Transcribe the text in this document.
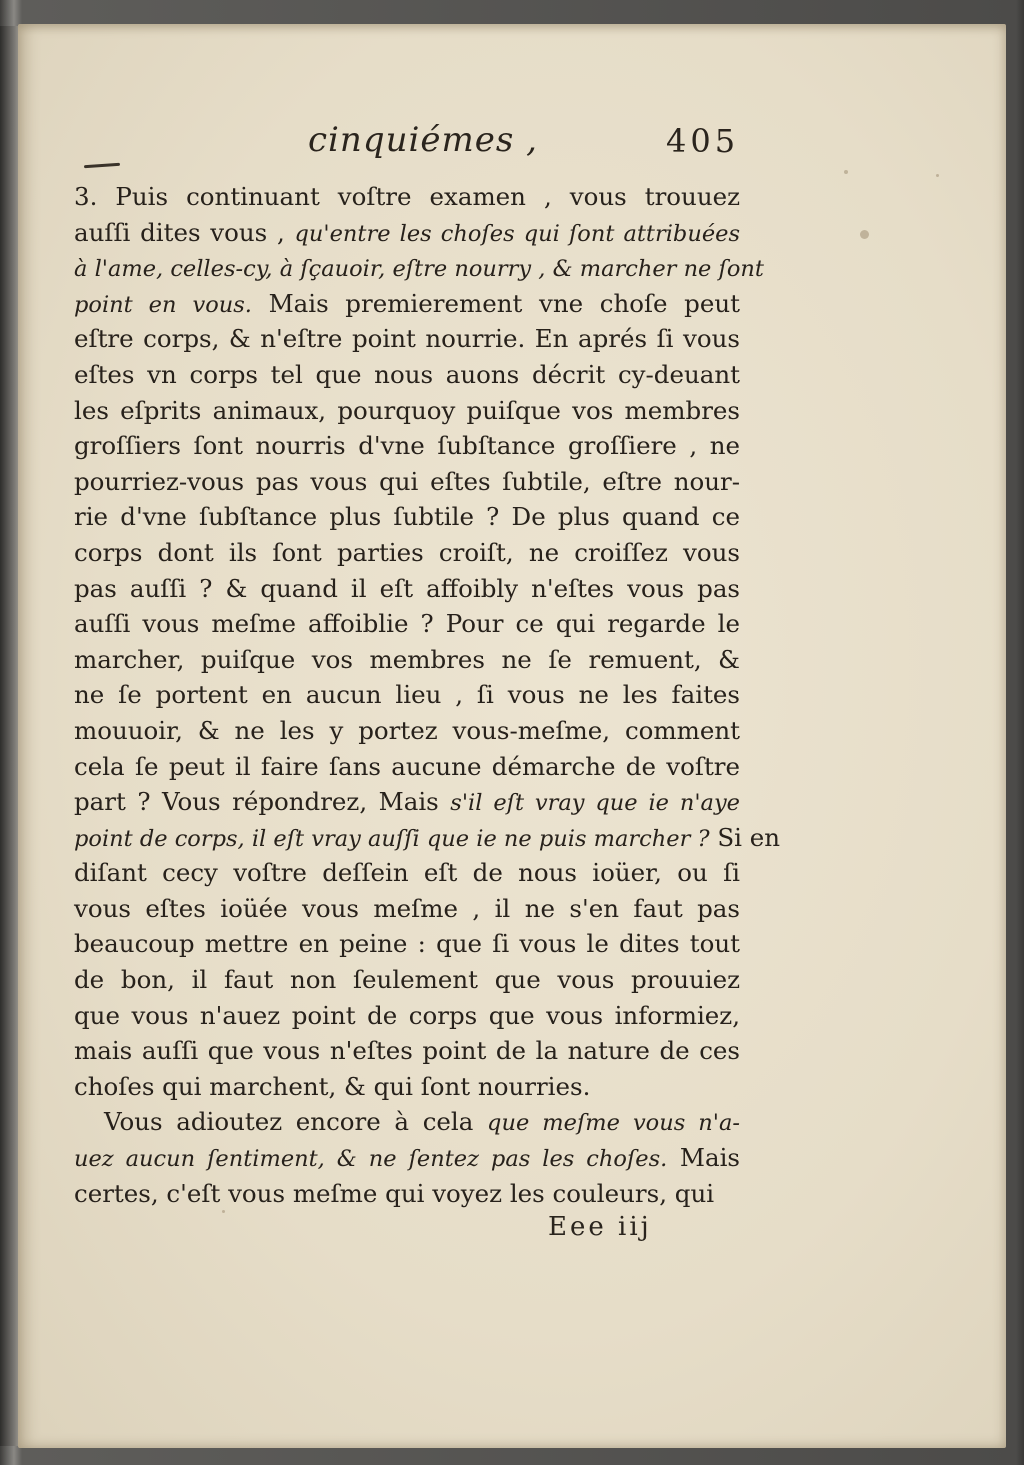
cinquiémes ,	405
3. Puis continuant voſtre examen , vous trouuez
auſſi dites vous , qu'entre les choſes qui ſont attribuées
à l'ame, celles-cy, à ſçauoir, eſtre nourry , & marcher ne ſont
point en vous. Mais premierement vne choſe peut
eſtre corps, & n'eſtre point nourrie. En aprés ſi vous
eſtes vn corps tel que nous auons décrit cy-deuant
les eſprits animaux, pourquoy puiſque vos membres
groſſiers ſont nourris d'vne ſubſtance groſſiere , ne
pourriez-vous pas vous qui eſtes ſubtile, eſtre nour-
rie d'vne ſubſtance plus ſubtile ? De plus quand ce
corps dont ils ſont parties croiſt, ne croiſſez vous
pas auſſi ? & quand il eſt affoibly n'eſtes vous pas
auſſi vous meſme affoiblie ? Pour ce qui regarde le
marcher, puiſque vos membres ne ſe remuent, &
ne ſe portent en aucun lieu , ſi vous ne les faites
mouuoir, & ne les y portez vous-meſme, comment
cela ſe peut il faire ſans aucune démarche de voſtre
part ? Vous répondrez, Mais s'il eſt vray que ie n'aye
point de corps, il eſt vray auſſi que ie ne puis marcher ? Si en
diſant cecy voſtre deſſein eſt de nous ioüer, ou ſi
vous eſtes ioüée vous meſme , il ne s'en faut pas
beaucoup mettre en peine : que ſi vous le dites tout
de bon, il faut non ſeulement que vous prouuiez
que vous n'auez point de corps que vous informiez,
mais auſſi que vous n'eſtes point de la nature de ces
choſes qui marchent, & qui ſont nourries.
Vous adioutez encore à cela que meſme vous n'a-
uez aucun ſentiment, & ne ſentez pas les choſes. Mais
certes, c'eſt vous meſme qui voyez les couleurs, qui
Eee iij
